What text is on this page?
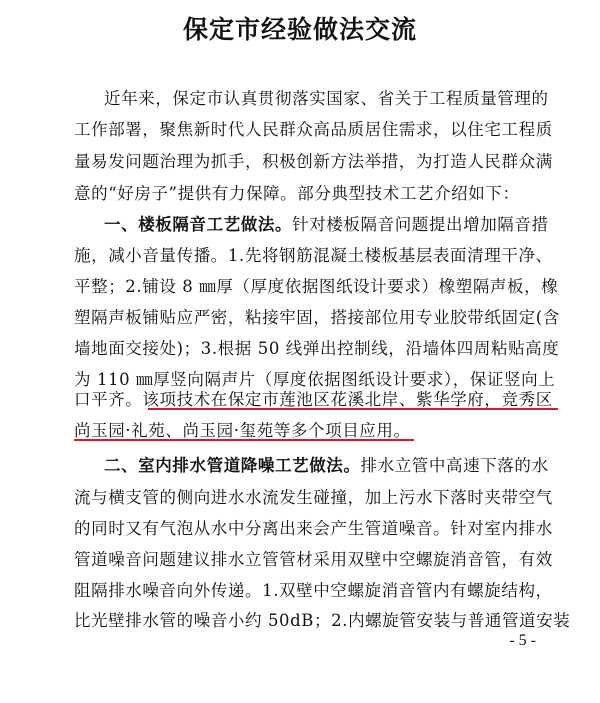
保定市经验做法交流
近年来，保定市认真贯彻落实国家、省关于工程质量管理的
工作部署，聚焦新时代人民群众高品质居住需求，以住宅工程质
量易发问题治理为抓手，积极创新方法举措，为打造人民群众满
意的“好房子”提供有力保障。部分典型技术工艺介绍如下：
一、楼板隔音工艺做法。针对楼板隔音问题提出增加隔音措
施，减小音量传播。1.先将钢筋混凝土楼板基层表面清理干净、
平整；2.铺设 8 ㎜厚（厚度依据图纸设计要求）橡塑隔声板，橡
塑隔声板铺贴应严密，粘接牢固，搭接部位用专业胶带纸固定(含
墙地面交接处)；3.根据 50 线弹出控制线，沿墙体四周粘贴高度
为 110 ㎜厚竖向隔声片（厚度依据图纸设计要求），保证竖向上
口平齐。该项技术在保定市莲池区花溪北岸、紫华学府，竞秀区
尚玉园·礼苑、尚玉园·玺苑等多个项目应用。
二、室内排水管道降噪工艺做法。排水立管中高速下落的水
流与横支管的侧向进水水流发生碰撞，加上污水下落时夹带空气
的同时又有气泡从水中分离出来会产生管道噪音。针对室内排水
管道噪音问题建议排水立管管材采用双壁中空螺旋消音管，有效
阻隔排水噪音向外传递。1.双壁中空螺旋消音管内有螺旋结构，
比光壁排水管的噪音小约 50dB；2.内螺旋管安装与普通管道安装
- 5 -
